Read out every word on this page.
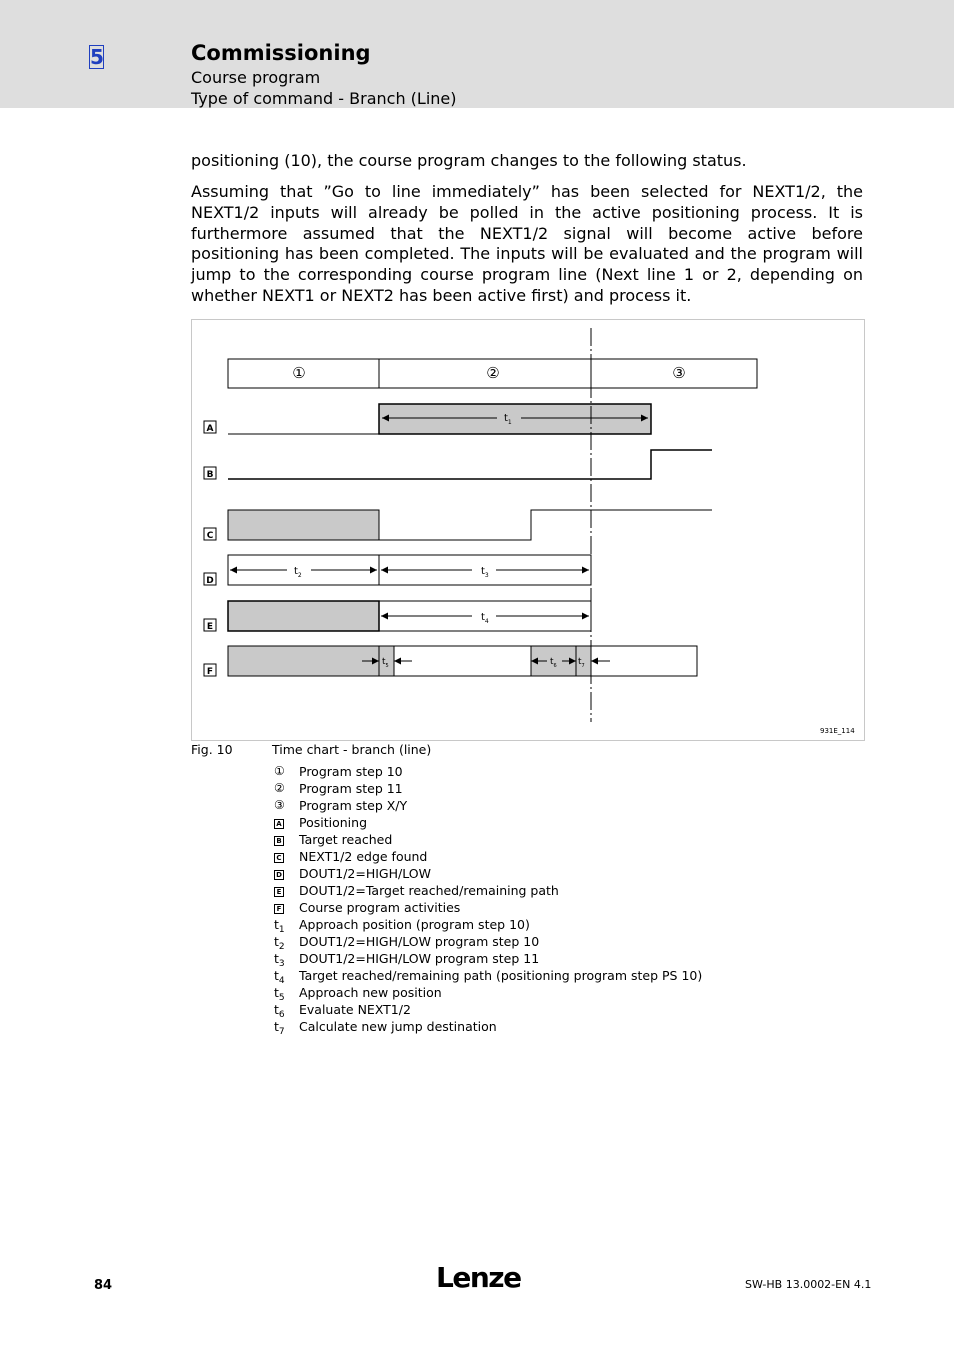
5	Commissioning
Course program
Type of command - Branch (Line)
positioning (10), the course program changes to the following status.
Assuming that ”Go to line immediately” has been selected for NEXT1/2, the NEXT1/2 inputs will already be polled in the active positioning process. It is furthermore assumed that the NEXT1/2 signal will become active before positioning has been completed. The inputs will be evaluated and the program will jump to the corresponding course program line (Next line 1 or 2, depending on whether NEXT1 or NEXT2 has been active first) and process it.
①	②	③
A
B
C
D
E
F
$t_1$
$t_2$	$t_3$
$t_4$
$t_5$	$t_6$ $t_7$
931E_114
Fig. 10	Time chart - branch (line)
①	Program step 10
②	Program step 11
③	Program step X/Y
A	Positioning
B	Target reached
C	NEXT1/2 edge found
D	DOUT1/2=HIGH/LOW
E	DOUT1/2=Target reached/remaining path
F	Course program activities
$t_1$	Approach position (program step 10)
$t_2$	DOUT1/2=HIGH/LOW program step 10
$t_3$	DOUT1/2=HIGH/LOW program step 11
$t_4$	Target reached/remaining path (positioning program step PS 10)
$t_5$	Approach new position
$t_6$	Evaluate NEXT1/2
$t_7$	Calculate new jump destination
84	Lenze	SW-HB 13.0002-EN 4.1
